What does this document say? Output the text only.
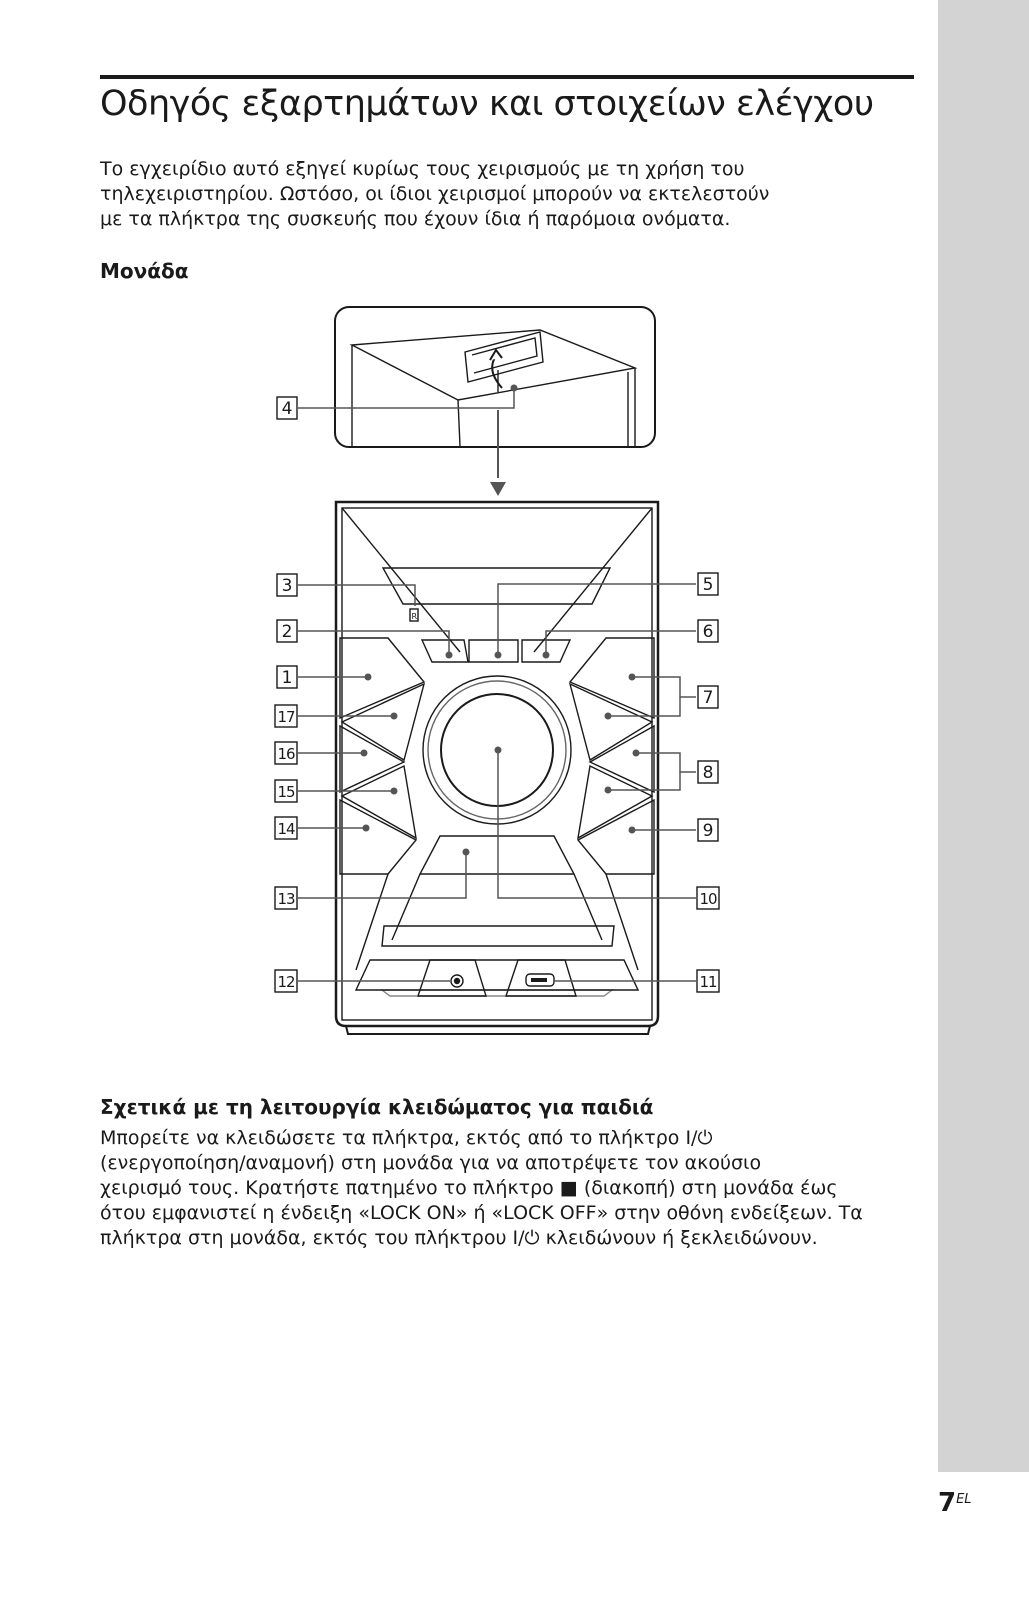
Οδηγός εξαρτημάτων και στοιχείων ελέγχου

Το εγχειρίδιο αυτό εξηγεί κυρίως τους χειρισμούς με τη χρήση του
τηλεχειριστηρίου. Ωστόσο, οι ίδιοι χειρισμοί μπορούν να εκτελεστούν
με τα πλήκτρα της συσκευής που έχουν ίδια ή παρόμοια ονόματα.

Μονάδα
R
4
3
2
1
17
16
15
14
13
12
5
6
7
8
9
10
11
Σχετικά με τη λειτουργία κλειδώματος για παιδιά

Μπορείτε να κλειδώσετε τα πλήκτρα, εκτός από το πλήκτρο I/⏻
(ενεργοποίηση/αναμονή) στη μονάδα για να αποτρέψετε τον ακούσιο
χειρισμό τους. Κρατήστε πατημένο το πλήκτρο ■ (διακοπή) στη μονάδα έως
ότου εμφανιστεί η ένδειξη «LOCK ON» ή «LOCK OFF» στην οθόνη ενδείξεων. Τα
πλήκτρα στη μονάδα, εκτός του πλήκτρου I/⏻ κλειδώνουν ή ξεκλειδώνουν.

$7^{EL}$
